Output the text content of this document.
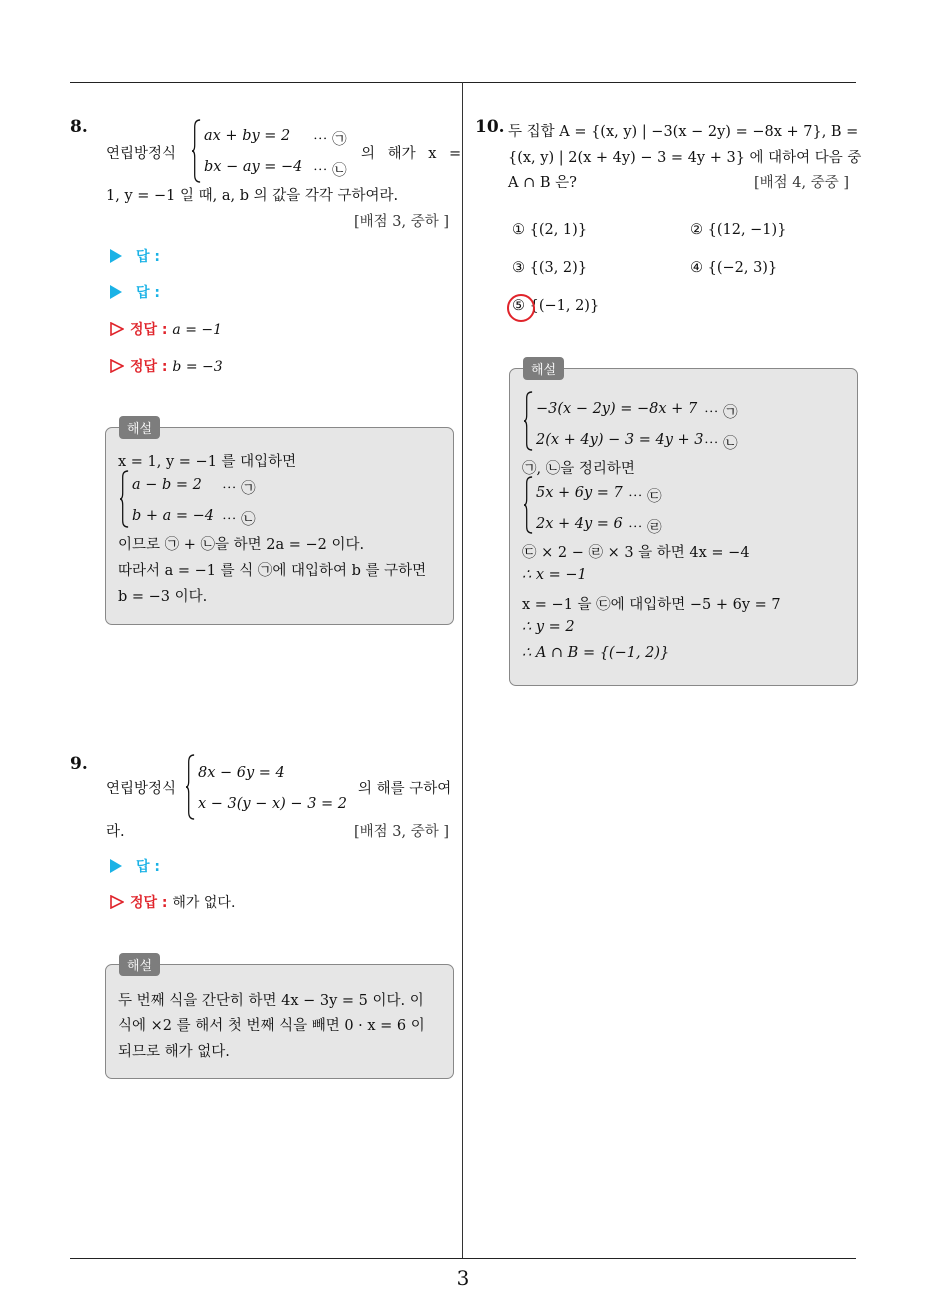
3
8.
연립방정식
ax + by = 2 ⋯ ㉠
bx − ay = −4 ⋯ ㉡
의 해가 x =
1, y = −1 일 때, a, b 의 값을 각각 구하여라.
[배점 3, 중하 ]
답 :
답 :
정답 : a = −1
정답 : b = −3
x = 1, y = −1 를 대입하면
a − b = 2 ⋯ ㉠
b + a = −4 ⋯ ㉡
이므로 ㉠ + ㉡을 하면 2a = −2 이다.
따라서 a = −1 를 식 ㉠에 대입하여 b 를 구하면
b = −3 이다.
해설
9.
연립방정식
8x − 6y = 4
x − 3(y − x) − 3 = 2
의 해를 구하여
라.	[배점 3, 중하 ]
답 :
정답 : 해가 없다.
두 번째 식을 간단히 하면 4x − 3y = 5 이다. 이
식에 ×2 를 해서 첫 번째 식을 빼면 0 · x = 6 이
되므로 해가 없다.
해설
10. 두 집합 A = {(x, y) | −3(x − 2y) = −8x + 7}, B =
{(x, y) | 2(x + 4y) − 3 = 4y + 3} 에 대하여 다음 중
A ∩ B 은?	[배점 4, 중중 ]
① {(2, 1)}	② {(12, −1)}
③ {(3, 2)}	④ {(−2, 3)}
⑤ {(−1, 2)}
−3(x − 2y) = −8x + 7 ⋯ ㉠
2(x + 4y) − 3 = 4y + 3 ⋯ ㉡
㉠, ㉡을 정리하면
5x + 6y = 7 ⋯ ㉢
2x + 4y = 6 ⋯ ㉣
㉢ × 2 − ㉣ × 3 을 하면 4x = −4
∴ x = −1
x = −1 을 ㉢에 대입하면 −5 + 6y = 7
∴ y = 2
∴ A ∩ B = {(−1, 2)}
해설
